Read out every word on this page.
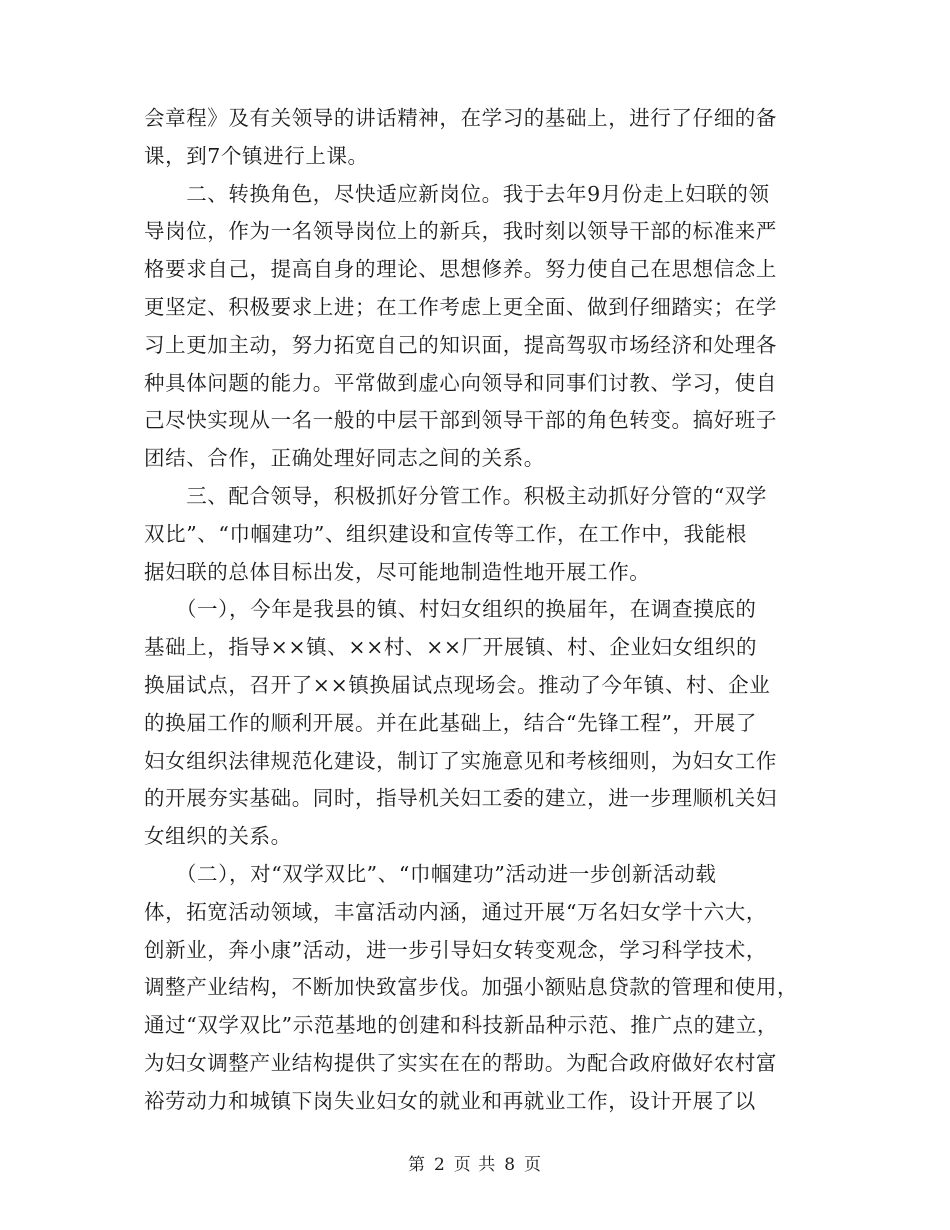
会章程》及有关领导的讲话精神，在学习的基础上，进行了仔细的备
课，到7个镇进行上课。
　　二、转换角色，尽快适应新岗位。我于去年9月份走上妇联的领
导岗位，作为一名领导岗位上的新兵，我时刻以领导干部的标准来严
格要求自己，提高自身的理论、思想修养。努力使自己在思想信念上
更坚定、积极要求上进；在工作考虑上更全面、做到仔细踏实；在学
习上更加主动，努力拓宽自己的知识面，提高驾驭市场经济和处理各
种具体问题的能力。平常做到虚心向领导和同事们讨教、学习，使自
己尽快实现从一名一般的中层干部到领导干部的角色转变。搞好班子
团结、合作，正确处理好同志之间的关系。
　　三、配合领导，积极抓好分管工作。积极主动抓好分管的“双学
双比”、“巾帼建功”、组织建设和宣传等工作，在工作中，我能根
据妇联的总体目标出发，尽可能地制造性地开展工作。
　　（一），今年是我县的镇、村妇女组织的换届年，在调查摸底的
基础上，指导××镇、××村、××厂开展镇、村、企业妇女组织的
换届试点，召开了××镇换届试点现场会。推动了今年镇、村、企业
的换届工作的顺利开展。并在此基础上，结合“先锋工程”，开展了
妇女组织法律规范化建设，制订了实施意见和考核细则，为妇女工作
的开展夯实基础。同时，指导机关妇工委的建立，进一步理顺机关妇
女组织的关系。
　　（二），对“双学双比”、“巾帼建功”活动进一步创新活动载
体，拓宽活动领域，丰富活动内涵，通过开展“万名妇女学十六大，
创新业，奔小康”活动，进一步引导妇女转变观念，学习科学技术，
调整产业结构，不断加快致富步伐。加强小额贴息贷款的管理和使用，
通过“双学双比”示范基地的创建和科技新品种示范、推广点的建立，
为妇女调整产业结构提供了实实在在的帮助。为配合政府做好农村富
裕劳动力和城镇下岗失业妇女的就业和再就业工作，设计开展了以
第 2 页 共 8 页
